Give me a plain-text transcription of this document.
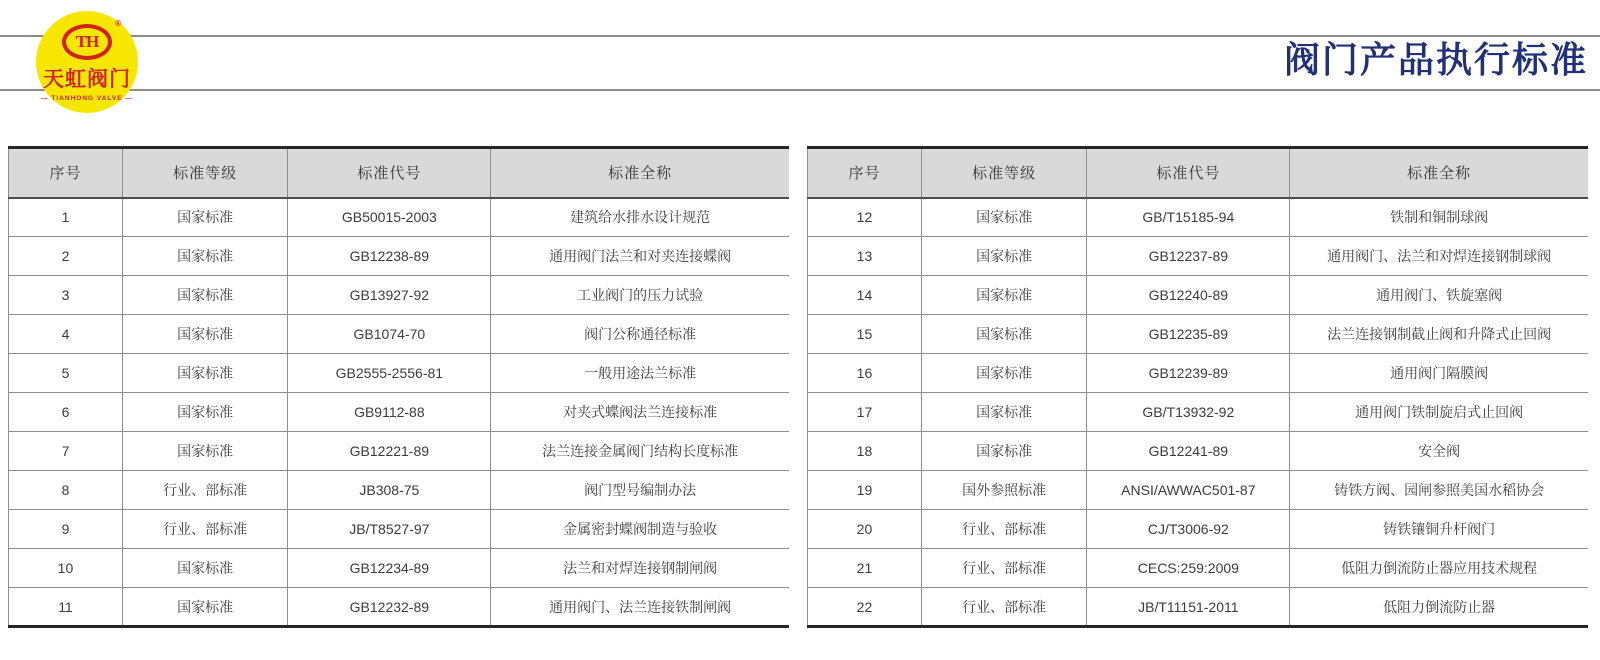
TH
®
天虹阀门
— TIANHONG VALVE —
阀门产品执行标准
序号	标准等级	标准代号	标准全称
1	国家标准	GB50015-2003	建筑给水排水设计规范
2	国家标准	GB12238-89	通用阀门法兰和对夹连接蝶阀
3	国家标准	GB13927-92	工业阀门的压力试验
4	国家标准	GB1074-70	阀门公称通径标准
5	国家标准	GB2555-2556-81	一般用途法兰标准
6	国家标准	GB9112-88	对夹式蝶阀法兰连接标准
7	国家标准	GB12221-89	法兰连接金属阀门结构长度标准
8	行业、部标准	JB308-75	阀门型号编制办法
9	行业、部标准	JB/T8527-97	金属密封蝶阀制造与验收
10	国家标准	GB12234-89	法兰和对焊连接钢制闸阀
11	国家标准	GB12232-89	通用阀门、法兰连接铁制闸阀
序号	标准等级	标准代号	标准全称
12	国家标准	GB/T15185-94	铁制和铜制球阀
13	国家标准	GB12237-89	通用阀门、法兰和对焊连接钢制球阀
14	国家标准	GB12240-89	通用阀门、铁旋塞阀
15	国家标准	GB12235-89	法兰连接钢制截止阀和升降式止回阀
16	国家标准	GB12239-89	通用阀门隔膜阀
17	国家标准	GB/T13932-92	通用阀门铁制旋启式止回阀
18	国家标准	GB12241-89	安全阀
19	国外参照标准	ANSI/AWWAC501-87	铸铁方阀、园闸参照美国水稻协会
20	行业、部标准	CJ/T3006-92	铸铁镶铜升杆阀门
21	行业、部标准	CECS:259:2009	低阻力倒流防止器应用技术规程
22	行业、部标准	JB/T11151-2011	低阻力倒流防止器
